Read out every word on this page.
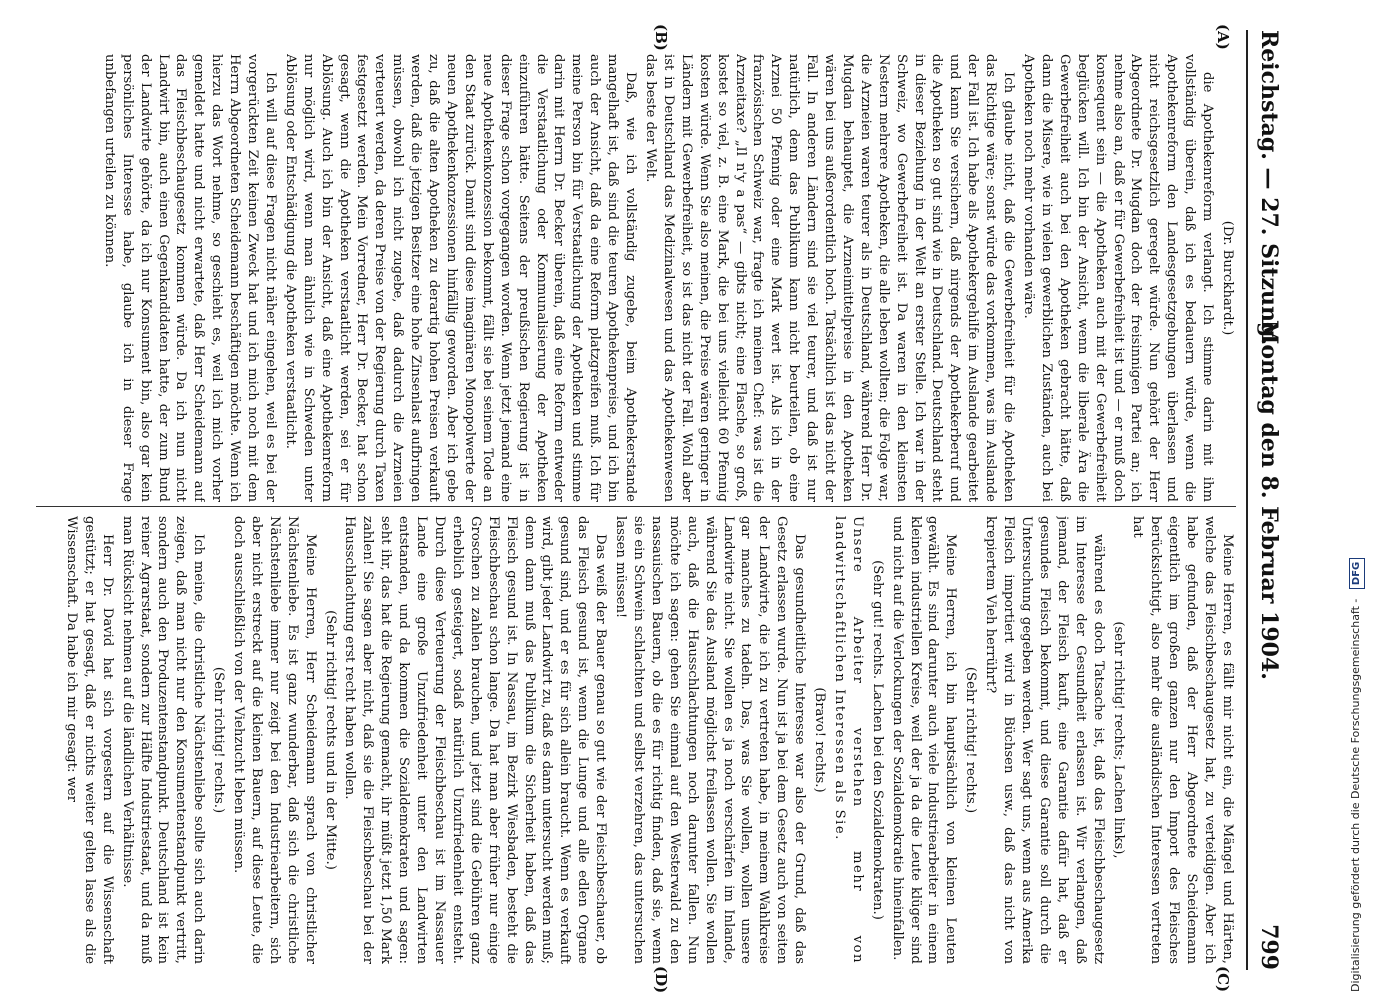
Reichstag. — 27. Sitzung.
Montag den 8. Februar 1904.
799
(A)
(B)
(C)
(D)

(Dr. Burckhardt.)

die Apothekenreform verlangt. Ich stimme darin mit ihm vollständig überein, daß ich es bedauern würde, wenn die Apothekenreform den Landesgesetzgebungen überlassen und nicht reichsgesetzlich geregelt würde. Nun gehört der Herr Abgeordnete Dr. Mugdan doch der freisinnigen Partei an; ich nehme also an, daß er für Gewerbefreiheit ist und — er muß doch konsequent sein — die Apotheken auch mit der Gewerbefreiheit beglücken will. Ich bin der Ansicht, wenn die liberale Ära die Gewerbefreiheit auch bei den Apotheken gebracht hätte, daß dann die Misere, wie in vielen gewerblichen Zuständen, auch bei Apotheken noch mehr vorhanden wäre.

Ich glaube nicht, daß die Gewerbefreiheit für die Apotheken das Richtige wäre; sonst würde das vorkommen, was im Auslande der Fall ist. Ich habe als Apothekergehilfe im Auslande gearbeitet und kann Sie versichern, daß nirgends der Apothekerberuf und die Apotheken so gut sind wie in Deutschland. Deutschland steht in dieser Beziehung in der Welt an erster Stelle. Ich war in der Schweiz, wo Gewerbefreiheit ist. Da waren in den kleinsten Nestern mehrere Apotheken, die alle leben wollten; die Folge war, die Arzneien waren teurer als in Deutschland, während Herr Dr. Mugdan behauptet, die Arzneimittelpreise in den Apotheken wären bei uns außerordentlich hoch. Tatsächlich ist das nicht der Fall. In anderen Ländern sind sie viel teurer, und daß ist nur natürlich, denn das Publikum kann nicht beurteilen, ob eine Arznei 50 Pfennig oder eine Mark wert ist. Als ich in der französischen Schweiz war, fragte ich meinen Chef: was ist die Arzneitaxe? „Il n'y a pas“ — gibts nicht; eine Flasche, so groß, kostet so viel, z. B. eine Mark, die bei uns vielleicht 60 Pfennig kosten würde. Wenn Sie also meinen, die Preise wären geringer in Ländern mit Gewerbefreiheit, so ist das nicht der Fall. Wohl aber ist in Deutschland das Medizinalwesen und das Apothekenwesen das beste der Welt.

Daß, wie ich vollständig zugebe, beim Apothekerstande mangelhaft ist, daß sind die teuren Apothekenpreise, und ich bin auch der Ansicht, daß da eine Reform platzgreifen muß. Ich für meine Person bin für Verstaatlichung der Apotheken und stimme darin mit Herrn Dr. Becker überein, daß eine Reform entweder die Verstaatlichung oder Kommunalisierung der Apotheken einzuführen hätte. Seitens der preußischen Regierung ist in dieser Frage schon vorgegangen worden. Wenn jetzt jemand eine neue Apothekenkonzession bekommt, fällt sie bei seinem Tode an den Staat zurück. Damit sind diese imaginären Monopolwerte der neuen Apothekenkonzessionen hinfällig geworden. Aber ich gebe zu, daß die alten Apotheken zu derartig hohen Preisen verkauft werden, daß die jetzigen Besitzer eine hohe Zinsenlast aufbringen müssen, obwohl ich nicht zugebe, daß dadurch die Arzneien verteuert werden, da deren Preise von der Regierung durch Taxen festgesetzt werden. Mein Vorredner, Herr Dr. Becker, hat schon gesagt, wenn die Apotheken verstaatlicht werden, sei er für Ablösung. Auch ich bin der Ansicht, daß eine Apothekenreform nur möglich wird, wenn man ähnlich wie in Schweden unter Ablösung oder Entschädigung die Apotheken verstaatlicht.

Ich will auf diese Fragen nicht näher eingehen, weil es bei der vorgerückten Zeit keinen Zweck hat und ich mich noch mit dem Herrn Abgeordneten Scheidemann beschäftigen möchte. Wenn ich hierzu das Wort nehme, so geschieht es, weil ich mich vorher gemeldet hatte und nicht erwartete, daß Herr Scheidemann auf das Fleischbeschaugesetz kommen würde. Da ich nun nicht Landwirt bin, auch einen Gegenkandidaten hatte, der zum Bund der Landwirte gehörte, da ich nur Konsument bin, also gar kein persönliches Interesse habe, glaube ich in dieser Frage unbefangen urteilen zu können.

Meine Herren, es fällt mir nicht ein, die Mängel und Härten, welche das Fleischbeschaugesetz hat, zu verteidigen. Aber ich habe gefunden, daß der Herr Abgeordnete Scheidemann eigentlich im großen ganzen nur den Import des Fleisches berücksichtigt, also mehr die ausländischen Interessen vertreten hat

(sehr richtig! rechts; Lachen links),

während es doch Tatsache ist, daß das Fleischbeschaugesetz im Interesse der Gesundheit erlassen ist. Wir verlangen, daß jemand, der Fleisch kauft, eine Garantie dafür hat, daß er gesundes Fleisch bekommt, und diese Garantie soll durch die Untersuchung gegeben werden. Wer sagt uns, wenn aus Amerika Fleisch importiert wird in Büchsen usw., daß das nicht von krepiertem Vieh herrührt?

(Sehr richtig! rechts.)

Meine Herren, ich bin hauptsächlich von kleinen Leuten gewählt. Es sind darunter auch viele Industriearbeiter in einem kleinen industriellen Kreise, weil der ja da die Leute klüger sind und nicht auf die Verlockungen der Sozialdemokratie hineinfallen.

(Sehr gut! rechts. Lachen bei den Sozialdemokraten.)

Unsere Arbeiter verstehen mehr von landwirtschaftlichen Interessen als Sie.

(Bravo! rechts.)

Das gesundheitliche Interesse war also der Grund, daß das Gesetz erlassen wurde. Nun ist ja bei dem Gesetz auch von seiten der Landwirte, die ich zu vertreten habe, in meinem Wahlkreise gar manches zu tadeln. Das, was Sie wollen, wollen unsere Landwirte nicht. Sie wollen es ja noch verschärfen im Inlande, während Sie das Ausland möglichst freilassen wollen. Sie wollen auch, daß die Hausschlachtungen noch darunter fallen. Nun möchte ich sagen: gehen Sie einmal auf den Westerwald zu den nassauischen Bauern, ob die es für richtig finden, daß sie, wenn sie ein Schwein schlachten und selbst verzehren, das untersuchen lassen müssen!

Das weiß der Bauer genau so gut wie der Fleischbeschauer, ob das Fleisch gesund ist, wenn die Lunge und alle edlen Organe gesund sind, und er es für sich allein braucht. Wenn es verkauft wird, gibt jeder Landwirt zu, daß es dann untersucht werden muß; denn dann muß das Publikum die Sicherheit haben, daß das Fleisch gesund ist. In Nassau, im Bezirk Wiesbaden, besteht die Fleischbeschau schon lange. Da hat man aber früher nur einige Groschen zu zahlen brauchen, und jetzt sind die Gebühren ganz erheblich gesteigert, sodaß natürlich Unzufriedenheit entsteht. Durch diese Verteuerung der Fleischbeschau ist im Nassauer Lande eine große Unzufriedenheit unter den Landwirten entstanden, und da kommen die Sozialdemokraten und sagen: seht ihr, das hat die Regierung gemacht, ihr müßt jetzt 1,50 Mark zahlen! Sie sagen aber nicht, daß sie die Fleischbeschau bei der Hausschlachtung erst recht haben wollen.

(Sehr richtig! rechts und in der Mitte.)

Meine Herren, Herr Scheidemann sprach von christlicher Nächstenliebe. Es ist ganz wunderbar, daß sich die christliche Nächstenliebe immer nur zeigt bei den Industriearbeitern, sich aber nicht erstreckt auf die kleinen Bauern, auf diese Leute, die doch ausschließlich von der Viehzucht leben müssen.

(Sehr richtig! rechts.)

Ich meine, die christliche Nächstenliebe sollte sich auch darin zeigen, daß man nicht nur den Konsumentenstandpunkt vertritt, sondern auch den Produzentenstandpunkt. Deutschland ist kein reiner Agrarstaat, sondern zur Hälfte Industriestaat, und da muß man Rücksicht nehmen auf die ländlichen Verhältnisse.

Herr Dr. David hat sich vorgestern auf die Wissenschaft gestützt; er hat gesagt, daß er nichts weiter gelten lasse als die Wissenschaft. Da habe ich mir gesagt: wer	Digitalisierung gefördert durch die Deutsche Forschungsgemeinschaft - DFG
